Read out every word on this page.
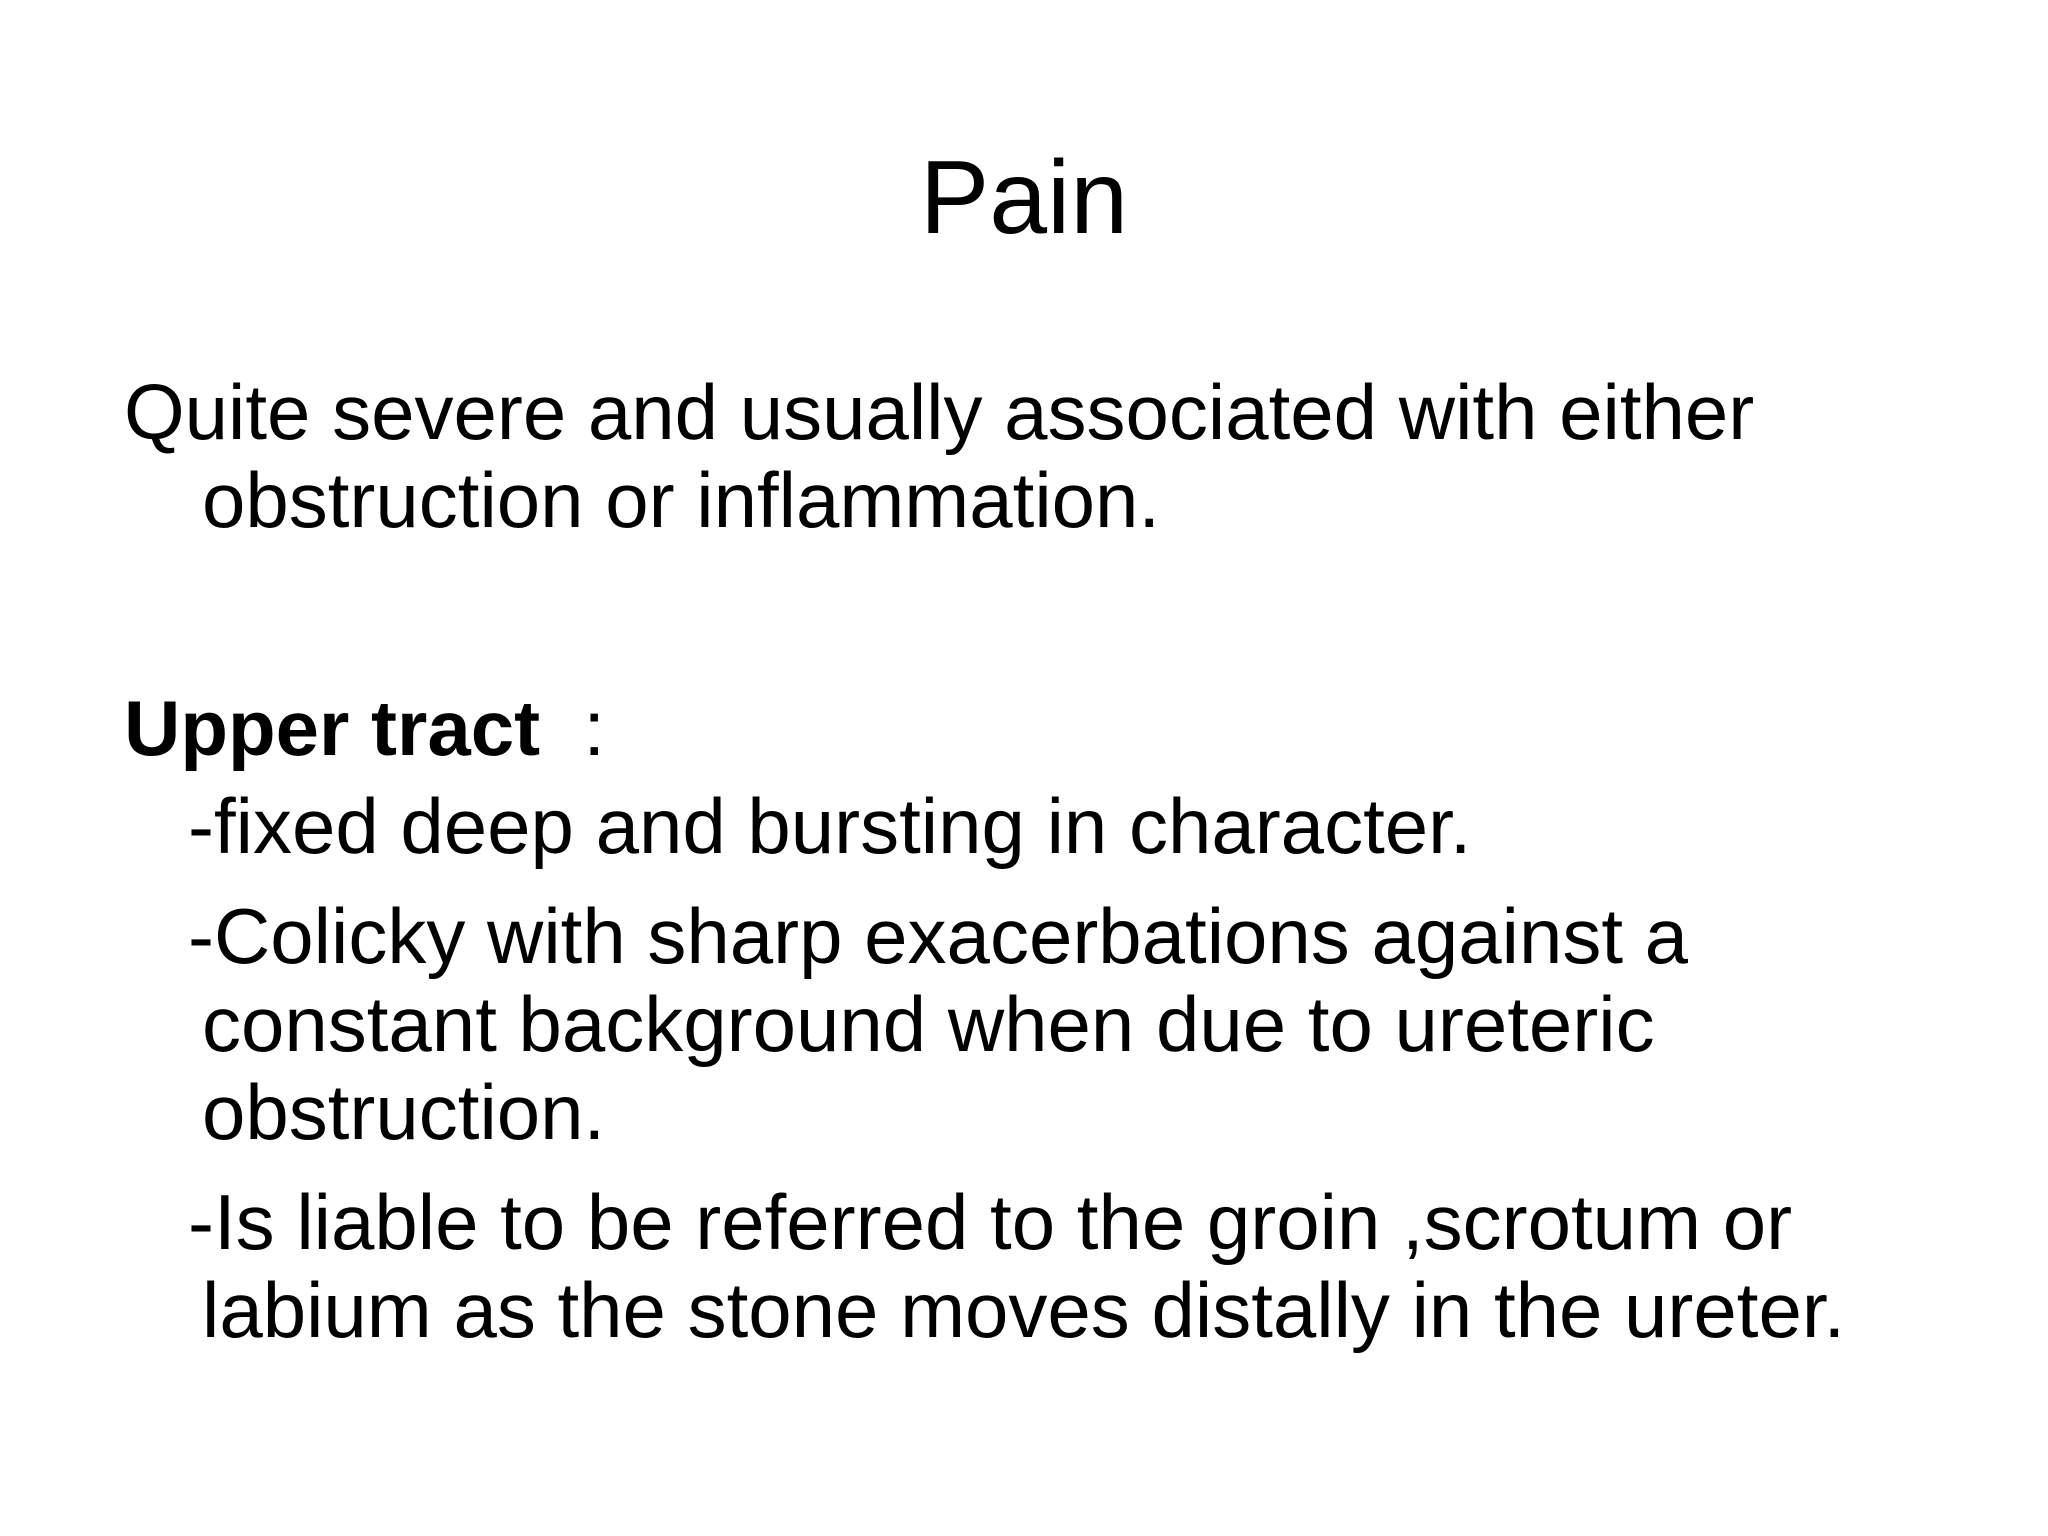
Pain

Quite severe and usually associated with either obstruction or inflammation.

Upper tract  :

-fixed deep and bursting in character.
-Colicky with sharp exacerbations against a constant background when due to ureteric obstruction.
-Is liable to be referred to the groin ,scrotum or labium as the stone moves distally in the ureter.
